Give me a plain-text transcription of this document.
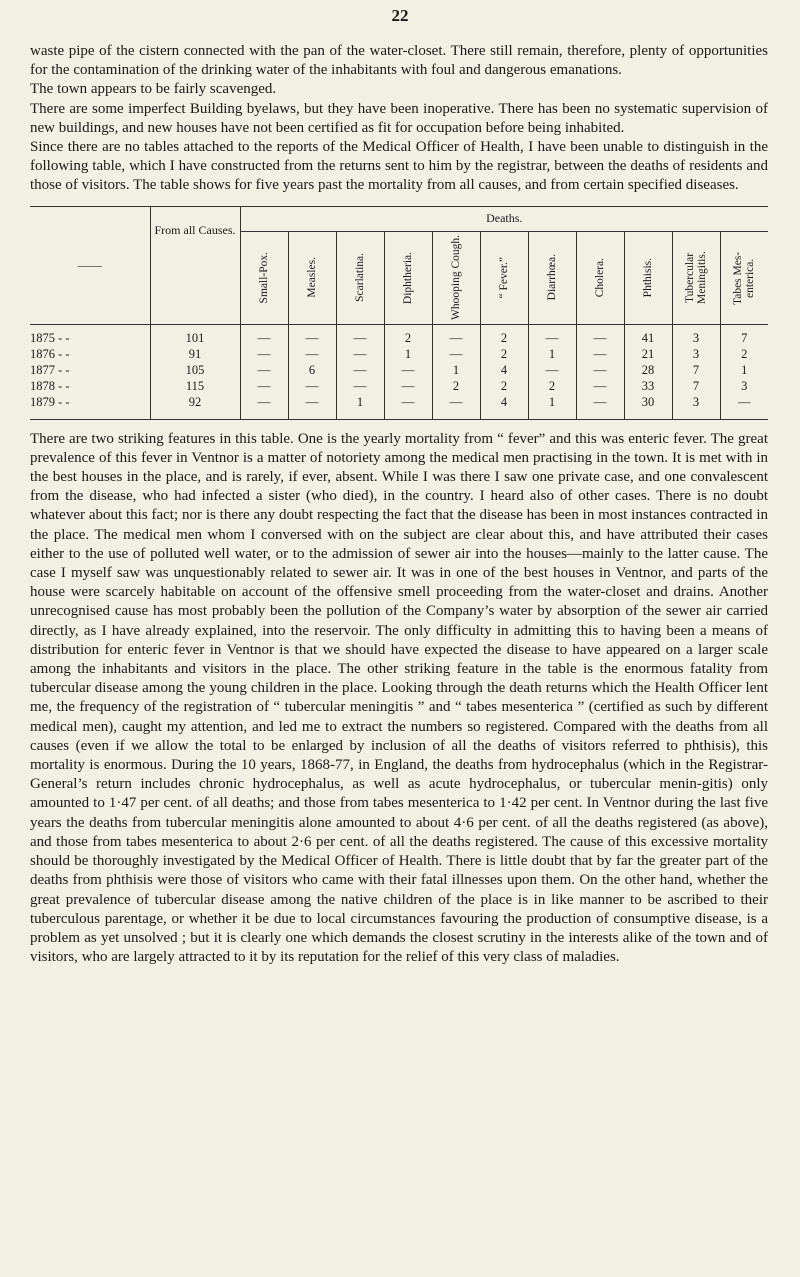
22

waste pipe of the cistern connected with the pan of the water-closet. There still remain, therefore, plenty of opportunities for the contamination of the drinking water of the inhabitants with foul and dangerous emanations.

The town appears to be fairly scavenged.

There are some imperfect Building byelaws, but they have been inoperative. There has been no systematic supervision of new buildings, and new houses have not been certified as fit for occupation before being inhabited.

Since there are no tables attached to the reports of the Medical Officer of Health, I have been unable to distinguish in the following table, which I have constructed from the returns sent to him by the registrar, between the deaths of residents and those of visitors. The table shows for five years past the mortality from all causes, and from certain specified diseases.

——	From all Causes.	Deaths.										

		Small-Pox.	Measles.	Scarlatina.	Diphtheria.	Whooping Cough.	“ Fever.”	Diarrhœa.	Cholera.	Phthisis.	Tubercular Meningitis.	Tabes Mes-enterica.

1875 - -	101	—	—	—	2	—	2	—	—	41	3	7
1876 - -	91	—	—	—	1	—	2	1	—	21	3	2
1877 - -	105	—	6	—	—	1	4	—	—	28	7	1
1878 - -	115	—	—	—	—	2	2	2	—	33	7	3
1879 - -	92	—	—	1	—	—	4	1	—	30	3	—

There are two striking features in this table. One is the yearly mortality from “ fever” and this was enteric fever. The great prevalence of this fever in Ventnor is a matter of notoriety among the medical men practising in the town. It is met with in the best houses in the place, and is rarely, if ever, absent. While I was there I saw one private case, and one convalescent from the disease, who had infected a sister (who died), in the country. I heard also of other cases. There is no doubt whatever about this fact; nor is there any doubt respecting the fact that the disease has been in most instances contracted in the place. The medical men whom I conversed with on the subject are clear about this, and have attributed their cases either to the use of polluted well water, or to the admission of sewer air into the houses—mainly to the latter cause. The case I myself saw was unquestionably related to sewer air. It was in one of the best houses in Ventnor, and parts of the house were scarcely habitable on account of the offensive smell proceeding from the water-closet and drains. Another unrecognised cause has most probably been the pollution of the Company’s water by absorption of the sewer air carried directly, as I have already explained, into the reservoir. The only difficulty in admitting this to having been a means of distribution for enteric fever in Ventnor is that we should have expected the disease to have appeared on a larger scale among the inhabitants and visitors in the place. The other striking feature in the table is the enormous fatality from tubercular disease among the young children in the place. Looking through the death returns which the Health Officer lent me, the frequency of the registration of “ tubercular meningitis ” and “ tabes mesenterica ” (certified as such by different medical men), caught my attention, and led me to extract the numbers so registered. Compared with the deaths from all causes (even if we allow the total to be enlarged by inclusion of all the deaths of visitors referred to phthisis), this mortality is enormous. During the 10 years, 1868-77, in England, the deaths from hydrocephalus (which in the Registrar-General’s return includes chronic hydrocephalus, as well as acute hydrocephalus, or tubercular menin-gitis) only amounted to 1·47 per cent. of all deaths; and those from tabes mesenterica to 1·42 per cent. In Ventnor during the last five years the deaths from tubercular meningitis alone amounted to about 4·6 per cent. of all the deaths registered (as above), and those from tabes mesenterica to about 2·6 per cent. of all the deaths registered. The cause of this excessive mortality should be thoroughly investigated by the Medical Officer of Health. There is little doubt that by far the greater part of the deaths from phthisis were those of visitors who came with their fatal illnesses upon them. On the other hand, whether the great prevalence of tubercular disease among the native children of the place is in like manner to be ascribed to their tuberculous parentage, or whether it be due to local circumstances favouring the production of consumptive disease, is a problem as yet unsolved ; but it is clearly one which demands the closest scrutiny in the interests alike of the town and of visitors, who are largely attracted to it by its reputation for the relief of this very class of maladies.
